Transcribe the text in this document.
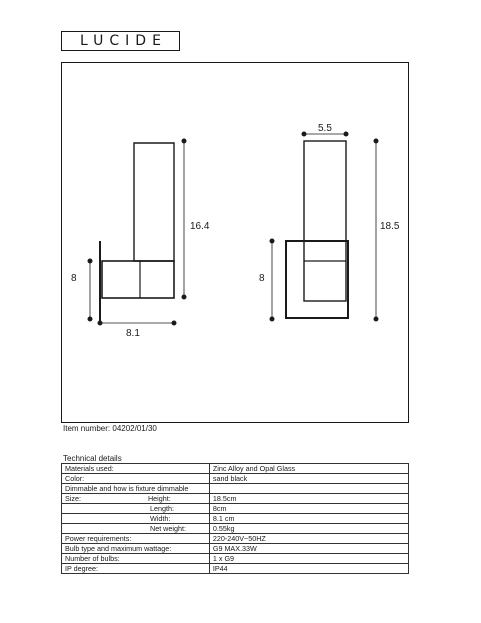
LUCIDE
16.4
8
8.1
5.5
18.5
8
Item number: 04202/01/30
Technical details
Materials used:	Zinc Alloy and Opal Glass

Color:	sand black

Dimmable and how is fixture dimmable	

Size: Height:	18.5cm

Length:	8cm

Width:	8.1 cm

Net weight:	0.55kg

Power requirements:	220-240V~50HZ

Bulb type and maximum wattage:	G9 MAX.33W

Number of bulbs:	1 x G9

IP degree:	IP44
